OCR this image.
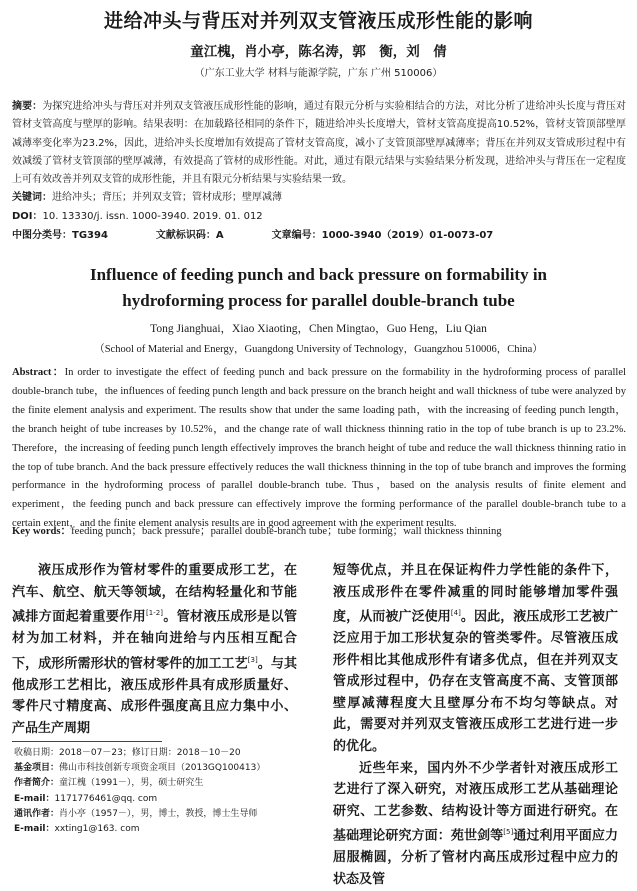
进给冲头与背压对并列双支管液压成形性能的影响
童江槐，肖小亭，陈名涛，郭　衡，刘　倩
（广东工业大学 材料与能源学院，广东 广州 510006）
摘要：为探究进给冲头与背压对并列双支管液压成形性能的影响，通过有限元分析与实验相结合的方法，对比分析了进给冲头长度与背压对管材支管高度与壁厚的影响。结果表明：在加载路径相同的条件下，随进给冲头长度增大，管材支管高度提高10.52%，管材支管顶部壁厚减薄率变化率为23.2%，因此，进给冲头长度增加有效提高了管材支管高度，减小了支管顶部壁厚减薄率；背压在并列双支管成形过程中有效减缓了管材支管顶部的壁厚减薄，有效提高了管材的成形性能。对此，通过有限元结果与实验结果分析发现，进给冲头与背压在一定程度上可有效改善并列双支管的成形性能，并且有限元分析结果与实验结果一致。
关键词：进给冲头；背压；并列双支管；管材成形；壁厚减薄
DOI：10. 13330/j. issn. 1000-3940. 2019. 01. 012
中图分类号：TG394	文献标识码：A	文章编号：1000-3940（2019）01-0073-07
Influence of feeding punch and back pressure on formability in
hydroforming process for parallel double-branch tube
Tong Jianghuai，Xiao Xiaoting，Chen Mingtao，Guo Heng，Liu Qian
（School of Material and Energy，Guangdong University of Technology，Guangzhou 510006，China）
Abstract：In order to investigate the effect of feeding punch and back pressure on the formability in the hydroforming process of parallel double-branch tube，the influences of feeding punch length and back pressure on the branch height and wall thickness of tube were analyzed by the finite element analysis and experiment. The results show that under the same loading path，with the increasing of feeding punch length，the branch height of tube increases by 10.52%，and the change rate of wall thickness thinning ratio in the top of tube branch is up to 23.2%. Therefore，the increasing of feeding punch length effectively improves the branch height of tube and reduce the wall thickness thinning ratio in the top of tube branch. And the back pressure effectively reduces the wall thickness thinning in the top of tube branch and improves the forming performance in the hydroforming process of parallel double-branch tube. Thus，based on the analysis results of finite element and experiment，the feeding punch and back pressure can effectively improve the forming performance of the parallel double-branch tube to a certain extent，and the finite element analysis results are in good agreement with the experiment results.
Key words：feeding punch；back pressure；parallel double-branch tube；tube forming；wall thickness thinning

液压成形作为管材零件的重要成形工艺，在汽车、航空、航天等领域，在结构轻量化和节能减排方面起着重要作用[1-2]。管材液压成形是以管材为加工材料，并在轴向进给与内压相互配合下，成形所需形状的管材零件的加工工艺[3]。与其他成形工艺相比，液压成形件具有成形质量好、零件尺寸精度高、成形件强度高且应力集中小、产品生产周期

短等优点，并且在保证构件力学性能的条件下，液压成形件在零件减重的同时能够增加零件强度，从而被广泛使用[4]。因此，液压成形工艺被广泛应用于加工形状复杂的管类零件。尽管液压成形件相比其他成形件有诸多优点，但在并列双支管成形过程中，仍存在支管高度不高、支管顶部壁厚减薄程度大且壁厚分布不均匀等缺点。对此，需要对并列双支管液压成形工艺进行进一步的优化。

近些年来，国内外不少学者针对液压成形工艺进行了深入研究，对液压成形工艺从基础理论研究、工艺参数、结构设计等方面进行研究。在基础理论研究方面：苑世剑等[5]通过利用平面应力屈服椭圆，分析了管材内高压成形过程中应力的状态及管

收稿日期：2018－07－23；修订日期：2018－10－20
基金项目：佛山市科技创新专项资金项目（2013GQ100413）
作者简介：童江槐（1991－），男，硕士研究生
E-mail：1171776461@qq. com
通讯作者：肖小亭（1957－），男，博士，教授，博士生导师
E-mail：xxting1@163. com
